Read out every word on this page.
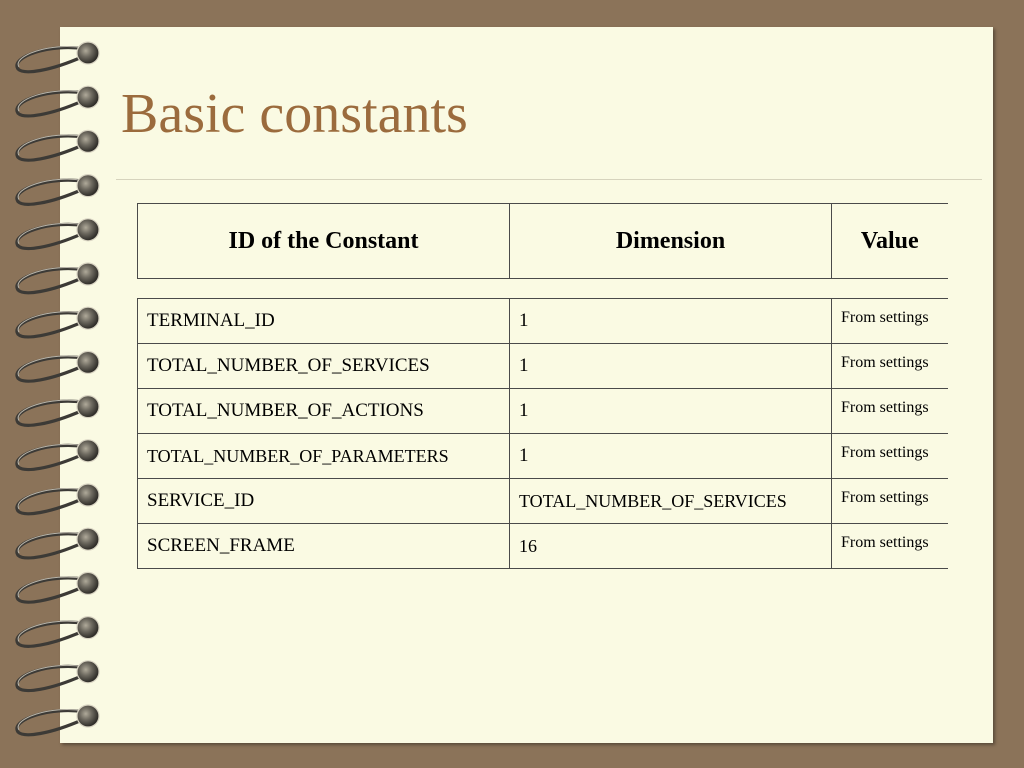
Basic constants
ID of the Constant	Dimension	Value
TERMINAL_ID	1	From settings
TOTAL_NUMBER_OF_SERVICES	1	From settings
TOTAL_NUMBER_OF_ACTIONS	1	From settings
TOTAL_NUMBER_OF_PARAMETERS	1	From settings
SERVICE_ID	TOTAL_NUMBER_OF_SERVICES	From settings
SCREEN_FRAME	16	From settings
